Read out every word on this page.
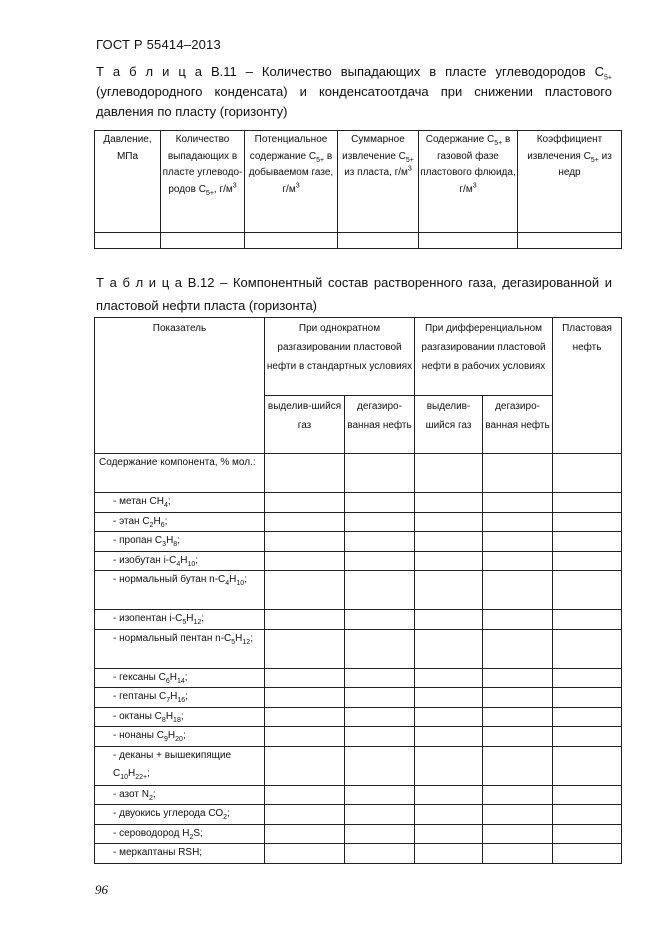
ГОСТ Р 55414–2013
Т а б л и ц а В.11 – Количество выпадающих в пласте углеводородов $С_{5+}$
(углеводородного конденсата) и конденсатоотдача при снижении пластового
давления по пласту (горизонту)
Давление, МПа	Количество выпадающих в пласте углеводо-родов $С_{5+}$, $г/м^3$	Потенциальное содержание $С_{5+}$ в добываемом газе, $г/м^3$	Суммарное извлечение $С_{5+}$ из пласта, $г/м^3$	Содержание $С_{5+}$ в газовой фазе пластового флюида, $г/м^3$	Коэффициент извлечения $С_{5+}$ из недр

Т а б л и ц а В.12 – Компонентный состав растворенного газа, дегазированной и
пластовой нефти пласта (горизонта)
Показатель	При однократном разгазировании пластовой нефти в стандартных условиях		При дифференциальном разгазировании пластовой нефти в рабочих условиях		Пластовая нефть
	выделив-шийся газ	дегазиро-ванная нефть	выделив-шийся газ	дегазиро-ванная нефть	
Содержание компонента, % мол.:					
- метан $СН_4$;					
- этан $С_2Н_6$;					
- пропан $С_3Н_8$;					
- изобутан $i-С_4Н_{10}$;					
- нормальный бутан $n-С_4Н_{10}$;					
- изопентан $i-С_5Н_{12}$;					
- нормальный пентан $n-С_5Н_{12}$;					
- гексаны $С_6Н_{14}$;					
- гептаны $С_7Н_{16}$;					
- октаны $С_8Н_{18}$;					
- нонаны $С_9Н_{20}$;					
- деканы + вышекипящие $С_{10}Н_{22+}$;					
- азот $N_2$;					
- двуокись углерода $СО_2$;					
- сероводород $H_2S$;					
- меркаптаны RSH;					
96
